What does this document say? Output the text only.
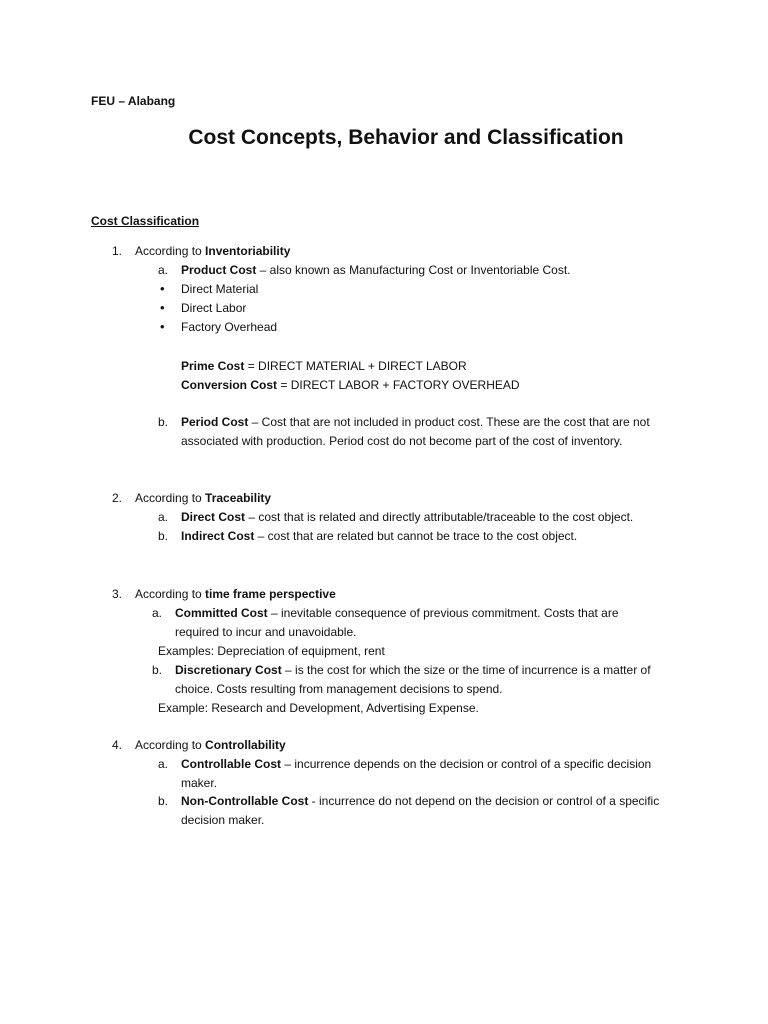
FEU – Alabang
Cost Concepts, Behavior and Classification
Cost Classification
1. According to Inventoriability
a. Product Cost – also known as Manufacturing Cost or Inventoriable Cost.
• Direct Material
• Direct Labor
• Factory Overhead
Prime Cost = DIRECT MATERIAL + DIRECT LABOR
Conversion Cost = DIRECT LABOR + FACTORY OVERHEAD
b. Period Cost – Cost that are not included in product cost. These are the cost that are not
associated with production. Period cost do not become part of the cost of inventory.
2. According to Traceability
a. Direct Cost – cost that is related and directly attributable/traceable to the cost object.
b. Indirect Cost – cost that are related but cannot be trace to the cost object.
3. According to time frame perspective
a. Committed Cost – inevitable consequence of previous commitment. Costs that are
required to incur and unavoidable.
Examples: Depreciation of equipment, rent
b. Discretionary Cost – is the cost for which the size or the time of incurrence is a matter of
choice. Costs resulting from management decisions to spend.
Example: Research and Development, Advertising Expense.
4. According to Controllability
a. Controllable Cost – incurrence depends on the decision or control of a specific decision
maker.
b. Non-Controllable Cost - incurrence do not depend on the decision or control of a specific
decision maker.
